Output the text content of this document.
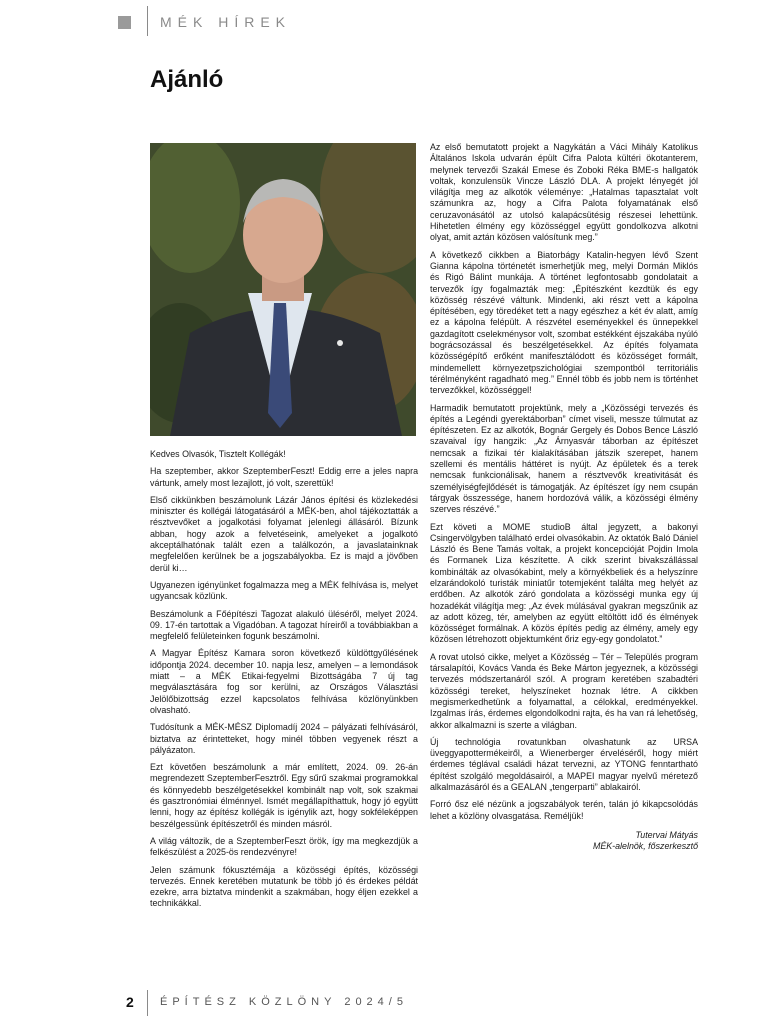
MÉK HÍREK
Ajánló

Kedves Olvasók, Tisztelt Kollégák!

Ha szeptember, akkor SzeptemberFeszt! Eddig erre a jeles napra vártunk, amely most lezajlott, jó volt, szerettük!

Első cikkünkben beszámolunk Lázár János építési és közlekedési miniszter és kollégái látogatásáról a MÉK-ben, ahol tájékoztatták a résztvevőket a jogalkotási folyamat jelenlegi állásáról. Bízunk abban, hogy azok a felvetéseink, amelyeket a jogalkotó akceptálhatónak talált ezen a találkozón, a javaslatainknak megfelelően kerülnek be a jogszabályokba. Ez is majd a jövőben derül ki…

Ugyanezen igényünket fogalmazza meg a MÉK felhívása is, melyet ugyancsak közlünk.

Beszámolunk a Főépítészi Tagozat alakuló üléséről, melyet 2024. 09. 17-én tartottak a Vigadóban. A tagozat híreiről a továbbiakban a megfelelő felületeinken fogunk beszámolni.

A Magyar Építész Kamara soron következő küldöttgyűlésének időpontja 2024. december 10. napja lesz, amelyen – a lemondások miatt – a MÉK Etikai-fegyelmi Bizottságába 7 új tag megválasztására fog sor kerülni, az Országos Választási Jelölőbizottság ezzel kapcsolatos felhívása közlönyünkben olvasható.

Tudósítunk a MÉK-MÉSZ Diplomadíj 2024 – pályázati felhívásáról, biztatva az érintetteket, hogy minél többen vegyenek részt a pályázaton.

Ezt követően beszámolunk a már említett, 2024. 09. 26-án megrendezett SzeptemberFesztről. Egy sűrű szakmai programokkal és könnyedebb beszélgetésekkel kombinált nap volt, sok szakmai és gasztronómiai élménnyel. Ismét megállapíthattuk, hogy jó együtt lenni, hogy az építész kollégák is igénylik azt, hogy sokféleképpen beszélgessünk építészetről és minden másról.

A világ változik, de a SzeptemberFeszt örök, így ma megkezdjük a felkészülést a 2025-ös rendezvényre!

Jelen számunk fókusztémája a közösségi építés, közösségi tervezés. Ennek keretében mutatunk be több jó és érdekes példát ezekre, arra biztatva mindenkit a szakmában, hogy éljen ezekkel a technikákkal.

Az első bemutatott projekt a Nagykátán a Váci Mihály Katolikus Általános Iskola udvarán épült Cifra Palota kültéri ökotanterem, melynek tervezői Szakál Emese és Zoboki Réka BME-s hallgatók voltak, konzulensük Vincze László DLA. A projekt lényegét jól világítja meg az alkotók véleménye: „Hatalmas tapasztalat volt számunkra az, hogy a Cifra Palota folyamatának első ceruzavonásától az utolsó kalapácsütésig részesei lehettünk. Hihetetlen élmény egy közösséggel együtt gondolkozva alkotni olyat, amit aztán közösen valósítunk meg.”

A következő cikkben a Biatorbágy Katalin-hegyen lévő Szent Gianna kápolna történetét ismerhetjük meg, melyi Dormán Miklós és Rigó Bálint munkája. A történet legfontosabb gondolatait a tervezők így fogalmazták meg: „Építészként kezdtük és egy közösség részévé váltunk. Mindenki, aki részt vett a kápolna építésében, egy töredéket tett a nagy egészhez a két év alatt, amíg ez a kápolna felépült. A részvétel eseményekkel és ünnepekkel gazdagított cselekménysor volt, szombat estékként éjszakába nyúló bográcsozással és beszélgetésekkel. Az építés folyamata közösségépítő erőként manifesztálódott és közösséget formált, mindemellett környezetpszichológiai szempontból territoriális térélményként ragadható meg.” Ennél több és jobb nem is történhet tervezőkkel, közösséggel!

Harmadik bemutatott projektünk, mely a „Közösségi tervezés és építés a Legéndi gyerektáborban” címet viseli, messze túlmutat az építészeten. Ez az alkotók, Bognár Gergely és Dobos Bence László szavaival így hangzik: „Az Árnyasvár táborban az építészet nemcsak a fizikai tér kialakításában játszik szerepet, hanem szellemi és mentális háttéret is nyújt. Az épületek és a terek nemcsak funkcionálisak, hanem a résztvevők kreativitását és személyiségfejlődését is támogatják. Az építészet így nem csupán tárgyak összessége, hanem hordozóvá válik, a közösségi élmény szerves részévé.”

Ezt követi a MOME studioB által jegyzett, a bakonyi Csingervölgyben található erdei olvasókabin. Az oktatók Baló Dániel László és Bene Tamás voltak, a projekt koncepcióját Pojdin Imola és Formanek Liza készítette. A cikk szerint bivakszállással kombinálták az olvasókabint, mely a környékbeliek és a helyszínre elzarándokoló turisták miniatűr totemjeként találta meg helyét az erdőben. Az alkotók záró gondolata a közösségi munka egy új hozadékát világítja meg: „Az évek múlásával gyakran megszűnik az az adott közeg, tér, amelyben az együtt eltöltött idő és élmények közösséget formálnak. A közös építés pedig az élmény, amely egy közösen létrehozott objektumként őriz egy-egy gondolatot.”

A rovat utolsó cikke, melyet a Közösség – Tér – Település program társalapítói, Kovács Vanda és Beke Márton jegyeznek, a közösségi tervezés módszertanáról szól. A program keretében szabadtéri közösségi tereket, helyszíneket hoznak létre. A cikkben megismerkedhetünk a folyamattal, a célokkal, eredményekkel. Izgalmas írás, érdemes elgondolkodni rajta, és ha van rá lehetőség, akkor alkalmazni is szerte a világban.

Új technológia rovatunkban olvashatunk az URSA üveggyapottermékeiről, a Wienerberger érveléséről, hogy miért érdemes téglával családi házat tervezni, az YTONG fenntartható építést szolgáló megoldásairól, a MAPEI magyar nyelvű méretező alkalmazásáról és a GEALAN „tengerparti” ablakairól.

Forró ősz elé nézünk a jogszabályok terén, talán jó kikapcsolódás lehet a közlöny olvasgatása. Reméljük!

Tutervai Mátyás
MÉK-alelnök, főszerkesztő
2 ÉPÍTÉSZ KÖZLÖNY 2024/5
